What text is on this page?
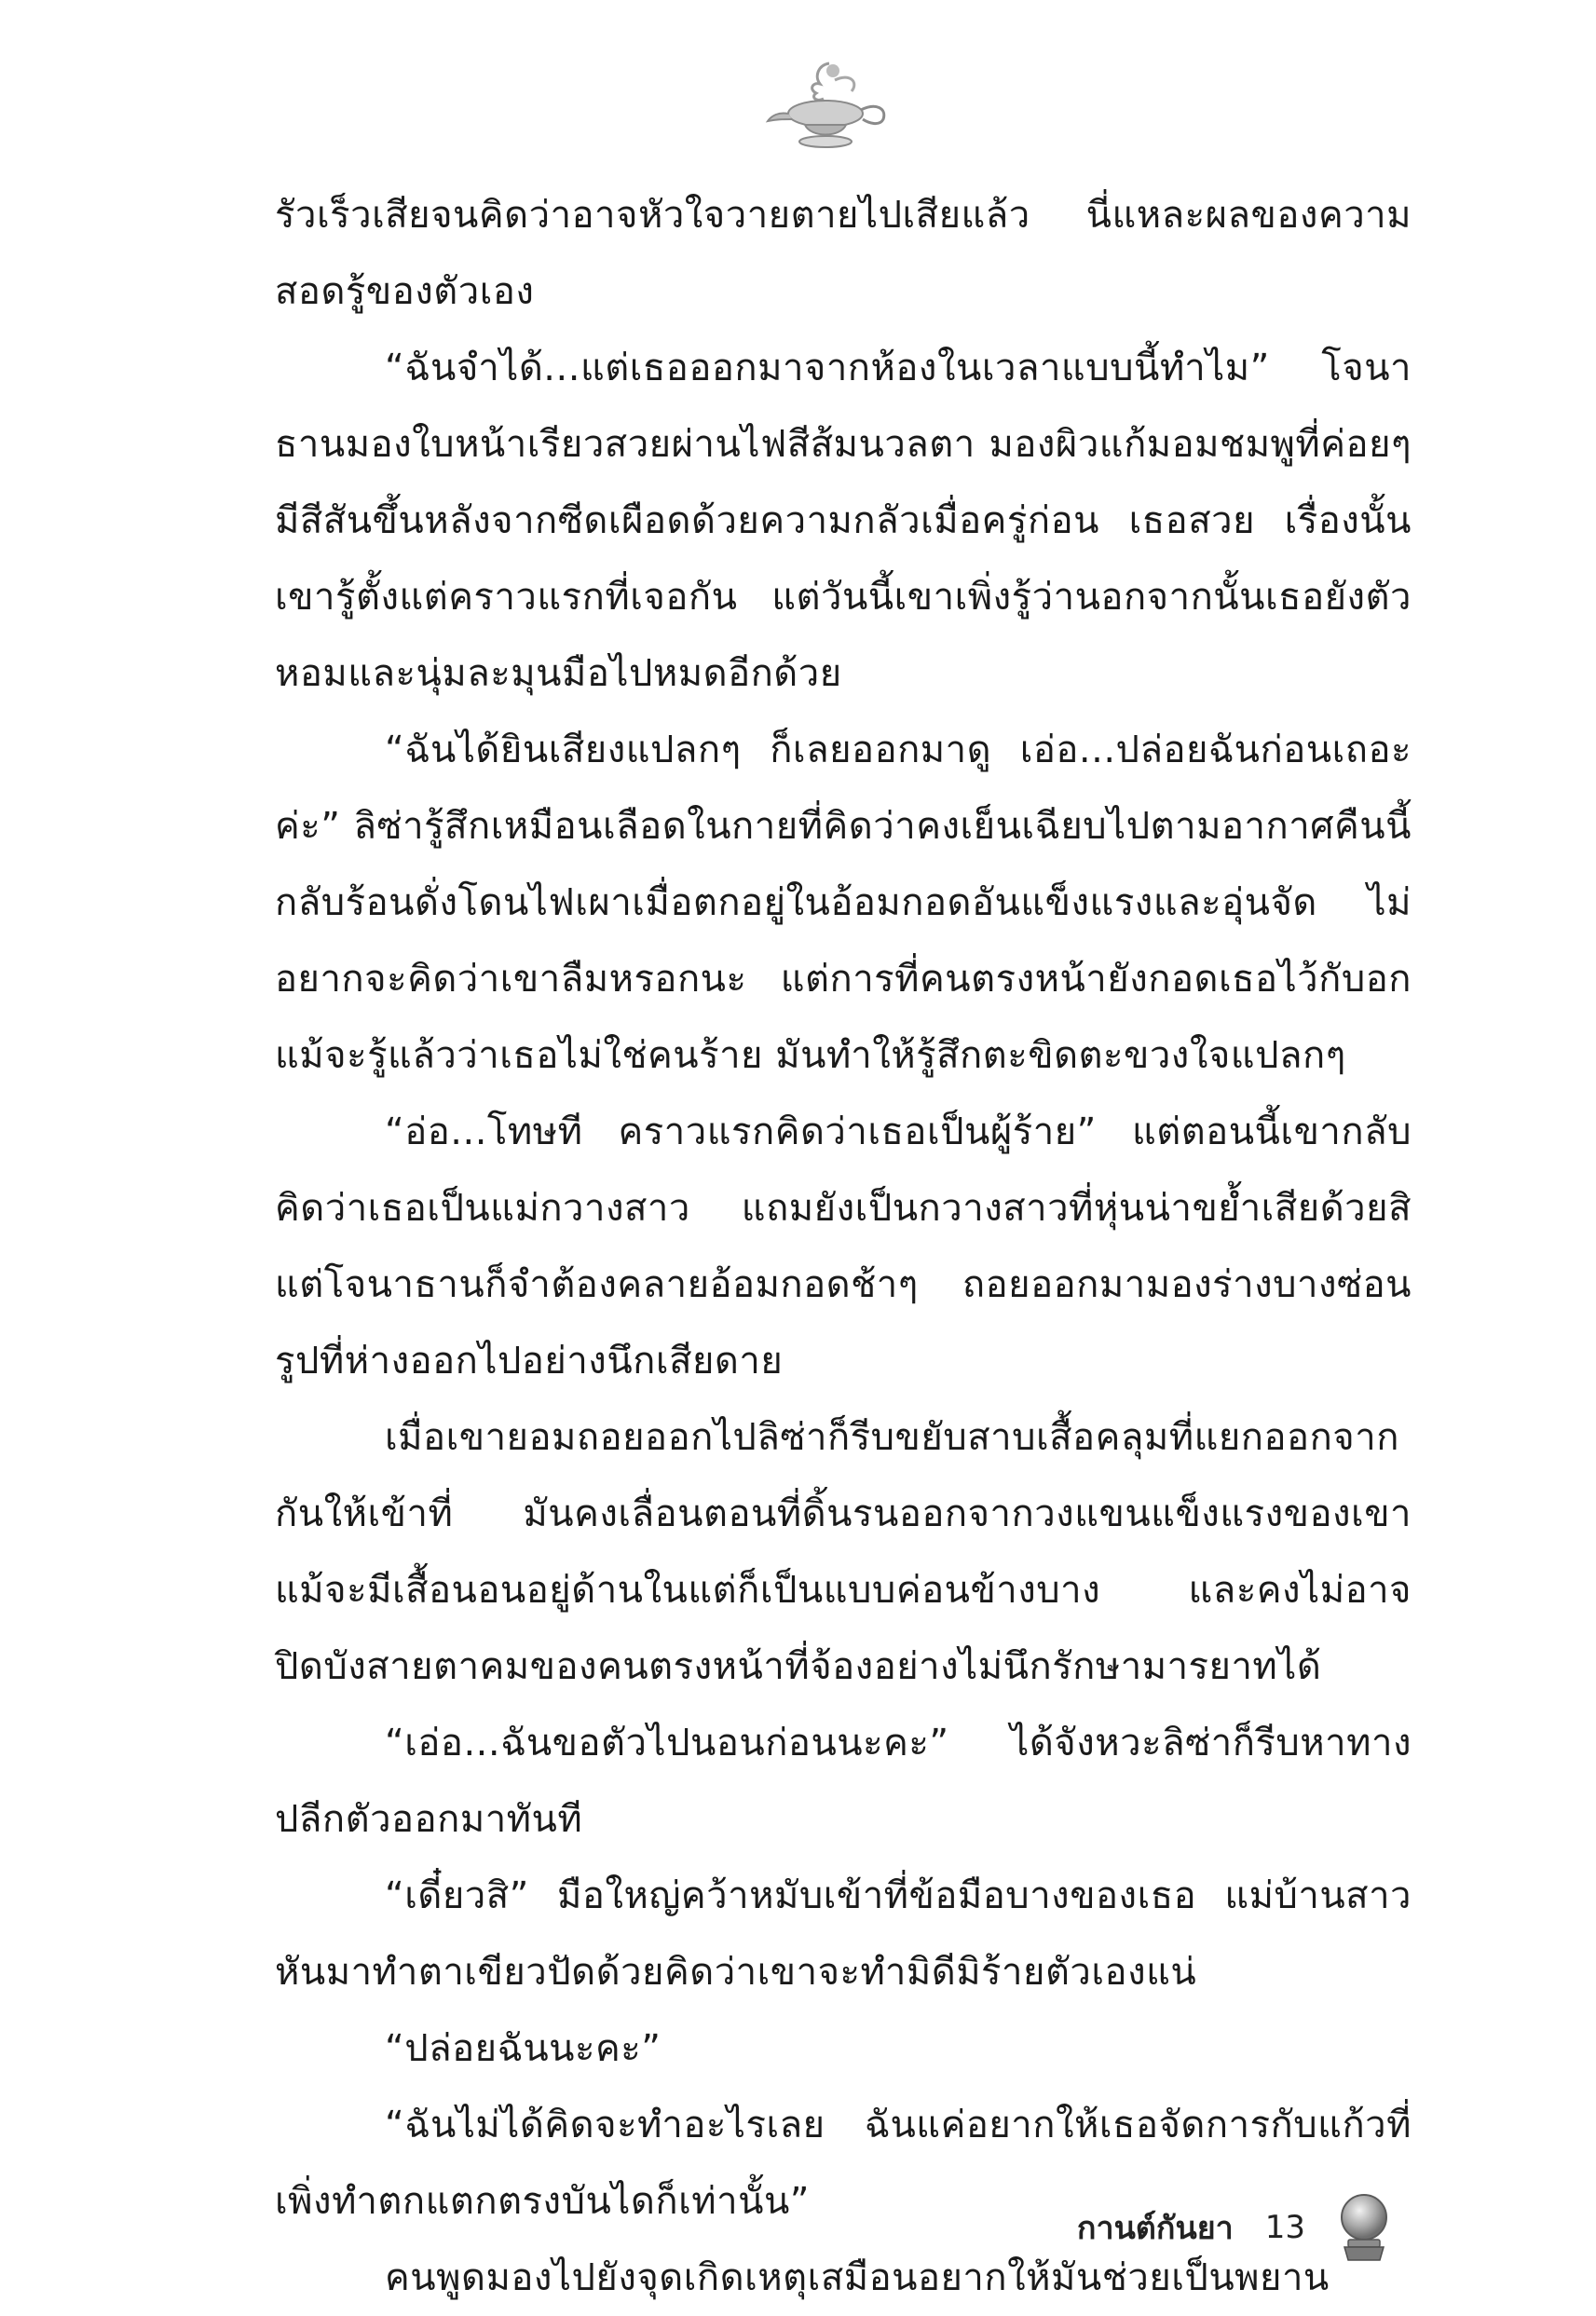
รัวเร็วเสียจนคิดว่าอาจหัวใจวายตายไปเสียแล้ว นี่แหละผลของความสอดรู้ของตัวเอง

“ฉันจำได้...แต่เธอออกมาจากห้องในเวลาแบบนี้ทำไม” โจนาธานมองใบหน้าเรียวสวยผ่านไฟสีส้มนวลตา มองผิวแก้มอมชมพูที่ค่อยๆ มีสีสันขึ้นหลังจากซีดเผือดด้วยความกลัวเมื่อครู่ก่อน เธอสวย เรื่องนั้นเขารู้ตั้งแต่คราวแรกที่เจอกัน แต่วันนี้เขาเพิ่งรู้ว่านอกจากนั้นเธอยังตัวหอมและนุ่มละมุนมือไปหมดอีกด้วย

“ฉันได้ยินเสียงแปลกๆ ก็เลยออกมาดู เอ่อ...ปล่อยฉันก่อนเถอะค่ะ” ลิซ่ารู้สึกเหมือนเลือดในกายที่คิดว่าคงเย็นเฉียบไปตามอากาศคืนนี้กลับร้อนดั่งโดนไฟเผาเมื่อตกอยู่ในอ้อมกอดอันแข็งแรงและอุ่นจัด ไม่อยากจะคิดว่าเขาลืมหรอกนะ แต่การที่คนตรงหน้ายังกอดเธอไว้กับอกแม้จะรู้แล้วว่าเธอไม่ใช่คนร้าย มันทำให้รู้สึกตะขิดตะขวงใจแปลกๆ

“อ่อ...โทษที คราวแรกคิดว่าเธอเป็นผู้ร้าย” แต่ตอนนี้เขากลับคิดว่าเธอเป็นแม่กวางสาว แถมยังเป็นกวางสาวที่หุ่นน่าขย้ำเสียด้วยสิ แต่โจนาธานก็จำต้องคลายอ้อมกอดช้าๆ ถอยออกมามองร่างบางซ่อนรูปที่ห่างออกไปอย่างนึกเสียดาย

เมื่อเขายอมถอยออกไปลิซ่าก็รีบขยับสาบเสื้อคลุมที่แยกออกจากกันให้เข้าที่ มันคงเลื่อนตอนที่ดิ้นรนออกจากวงแขนแข็งแรงของเขา แม้จะมีเสื้อนอนอยู่ด้านในแต่ก็เป็นแบบค่อนข้างบาง และคงไม่อาจปิดบังสายตาคมของคนตรงหน้าที่จ้องอย่างไม่นึกรักษามารยาทได้

“เอ่อ...ฉันขอตัวไปนอนก่อนนะคะ” ได้จังหวะลิซ่าก็รีบหาทางปลีกตัวออกมาทันที

“เดี๋ยวสิ” มือใหญ่คว้าหมับเข้าที่ข้อมือบางของเธอ แม่บ้านสาวหันมาทำตาเขียวปัดด้วยคิดว่าเขาจะทำมิดีมิร้ายตัวเองแน่

“ปล่อยฉันนะคะ”

“ฉันไม่ได้คิดจะทำอะไรเลย ฉันแค่อยากให้เธอจัดการกับแก้วที่เพิ่งทำตกแตกตรงบันไดก็เท่านั้น”

คนพูดมองไปยังจุดเกิดเหตุเสมือนอยากให้มันช่วยเป็นพยาน

กานต์กันยา 13
